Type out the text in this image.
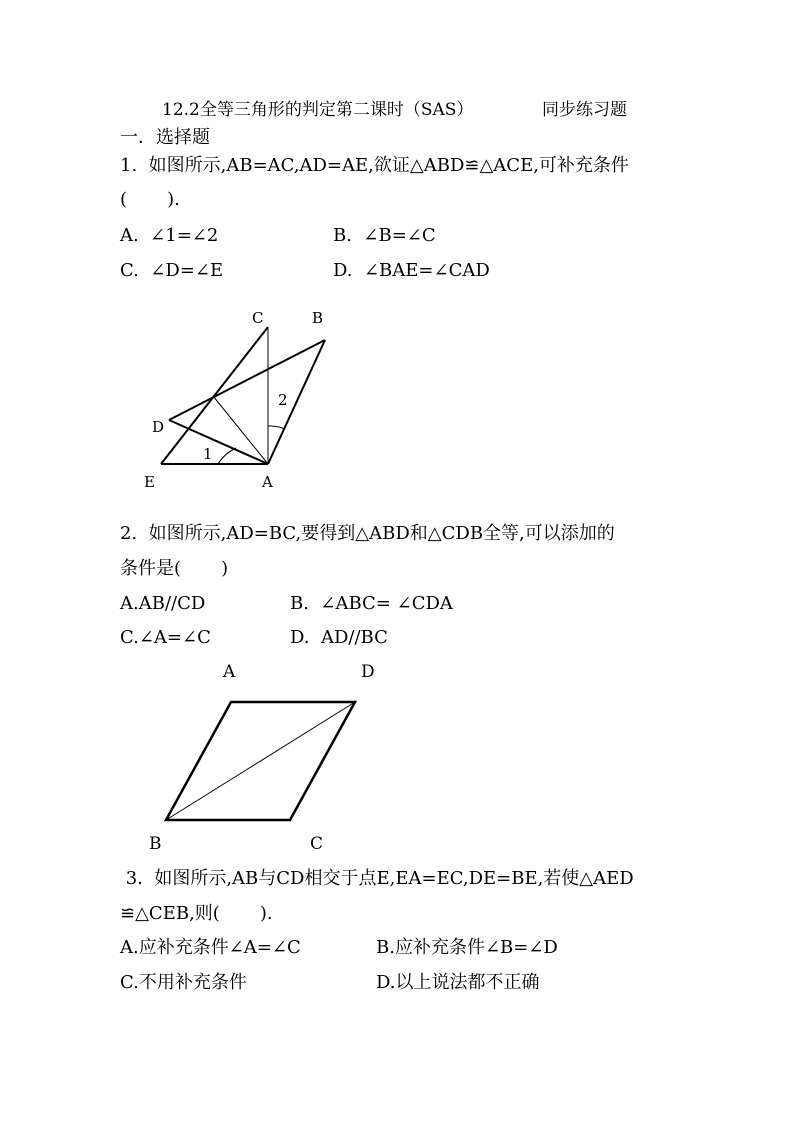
12.2全等三角形的判定第二课时（SAS）	同步练习题
一．选择题
1.  如图所示,AB=AC,AD=AE,欲证△ABD≌△ACE,可补充条件
(       ).
A.  ∠1=∠2	B.  ∠B=∠C
C.  ∠D=∠E	D.  ∠BAE=∠CAD
C	B
D
E	A
1
2
2.  如图所示,AD=BC,要得到△ABD和△CDB全等,可以添加的
条件是(       )
A.AB//CD	B.  ∠ABC= ∠CDA
C.∠A=∠C	D.  AD//BC
A	D
B	C
3.  如图所示,AB与CD相交于点E,EA=EC,DE=BE,若使△AED
≌△CEB,则(       ).
A.应补充条件∠A=∠C	B.应补充条件∠B=∠D
C.不用补充条件	D.以上说法都不正确
